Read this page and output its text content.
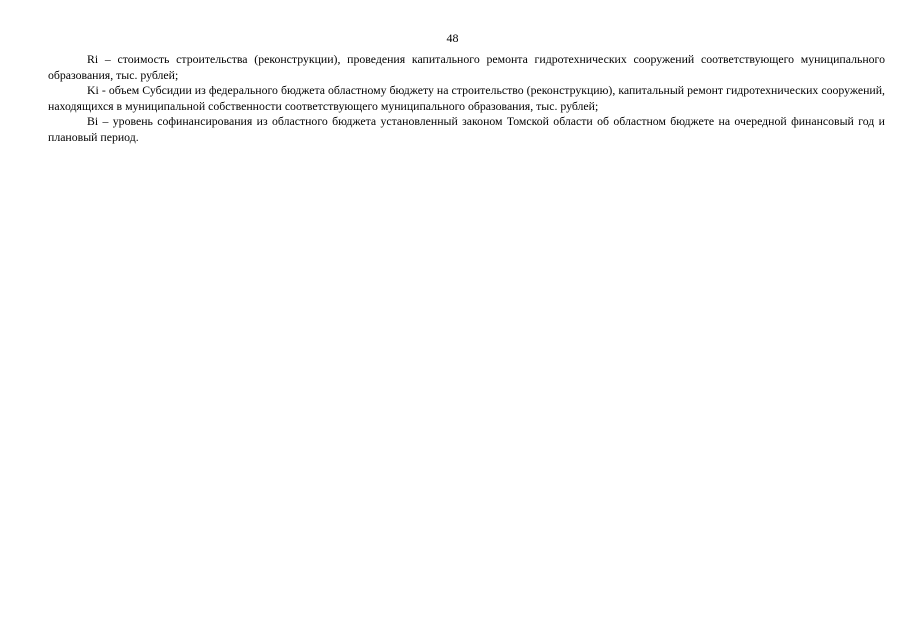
48

Ri – стоимость строительства (реконструкции), проведения капитального ремонта гидротехнических сооружений соответствующего муниципального образования, тыс. рублей;

Ki - объем Субсидии из федерального бюджета областному бюджету на строительство (реконструкцию), капитальный ремонт гидротехнических сооружений, находящихся в муниципальной собственности соответствующего муниципального образования, тыс. рублей;

Bi – уровень софинансирования из областного бюджета установленный законом Томской области об областном бюджете на очередной финансовый год и плановый период.
